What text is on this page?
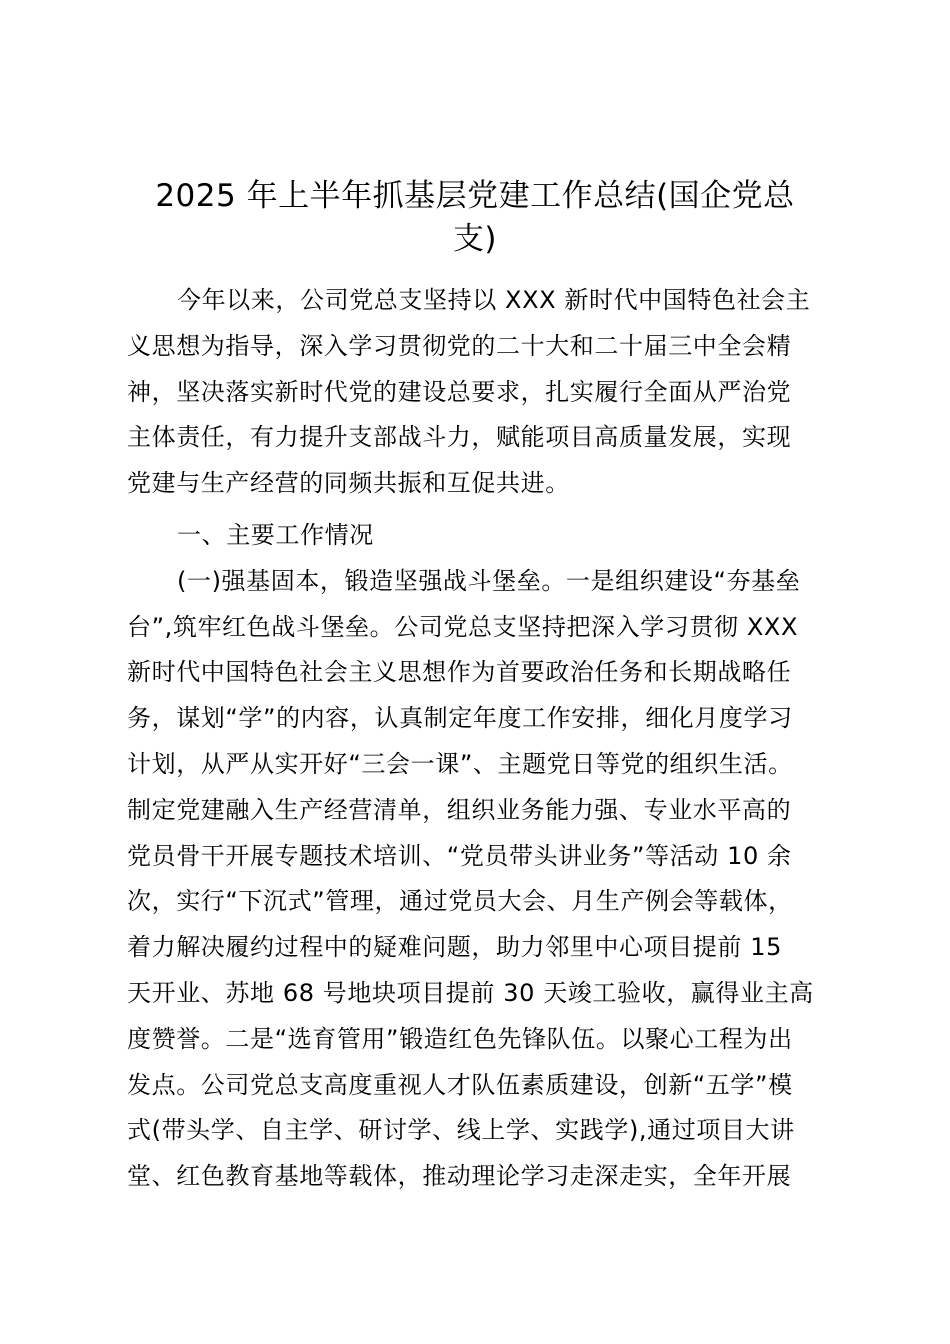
2025 年上半年抓基层党建工作总结(国企党总
支)
今年以来，公司党总支坚持以 XXX 新时代中国特色社会主
义思想为指导，深入学习贯彻党的二十大和二十届三中全会精
神，坚决落实新时代党的建设总要求，扎实履行全面从严治党
主体责任，有力提升支部战斗力，赋能项目高质量发展，实现
党建与生产经营的同频共振和互促共进。
一、主要工作情况
(一)强基固本，锻造坚强战斗堡垒。一是组织建设“夯基垒
台”,筑牢红色战斗堡垒。公司党总支坚持把深入学习贯彻 XXX
新时代中国特色社会主义思想作为首要政治任务和长期战略任
务，谋划“学”的内容，认真制定年度工作安排，细化月度学习
计划，从严从实开好“三会一课”、主题党日等党的组织生活。
制定党建融入生产经营清单，组织业务能力强、专业水平高的
党员骨干开展专题技术培训、“党员带头讲业务”等活动 10 余
次，实行“下沉式”管理，通过党员大会、月生产例会等载体，
着力解决履约过程中的疑难问题，助力邻里中心项目提前 15
天开业、苏地 68 号地块项目提前 30 天竣工验收，赢得业主高
度赞誉。二是“选育管用”锻造红色先锋队伍。以聚心工程为出
发点。公司党总支高度重视人才队伍素质建设，创新“五学”模
式(带头学、自主学、研讨学、线上学、实践学),通过项目大讲
堂、红色教育基地等载体，推动理论学习走深走实，全年开展
